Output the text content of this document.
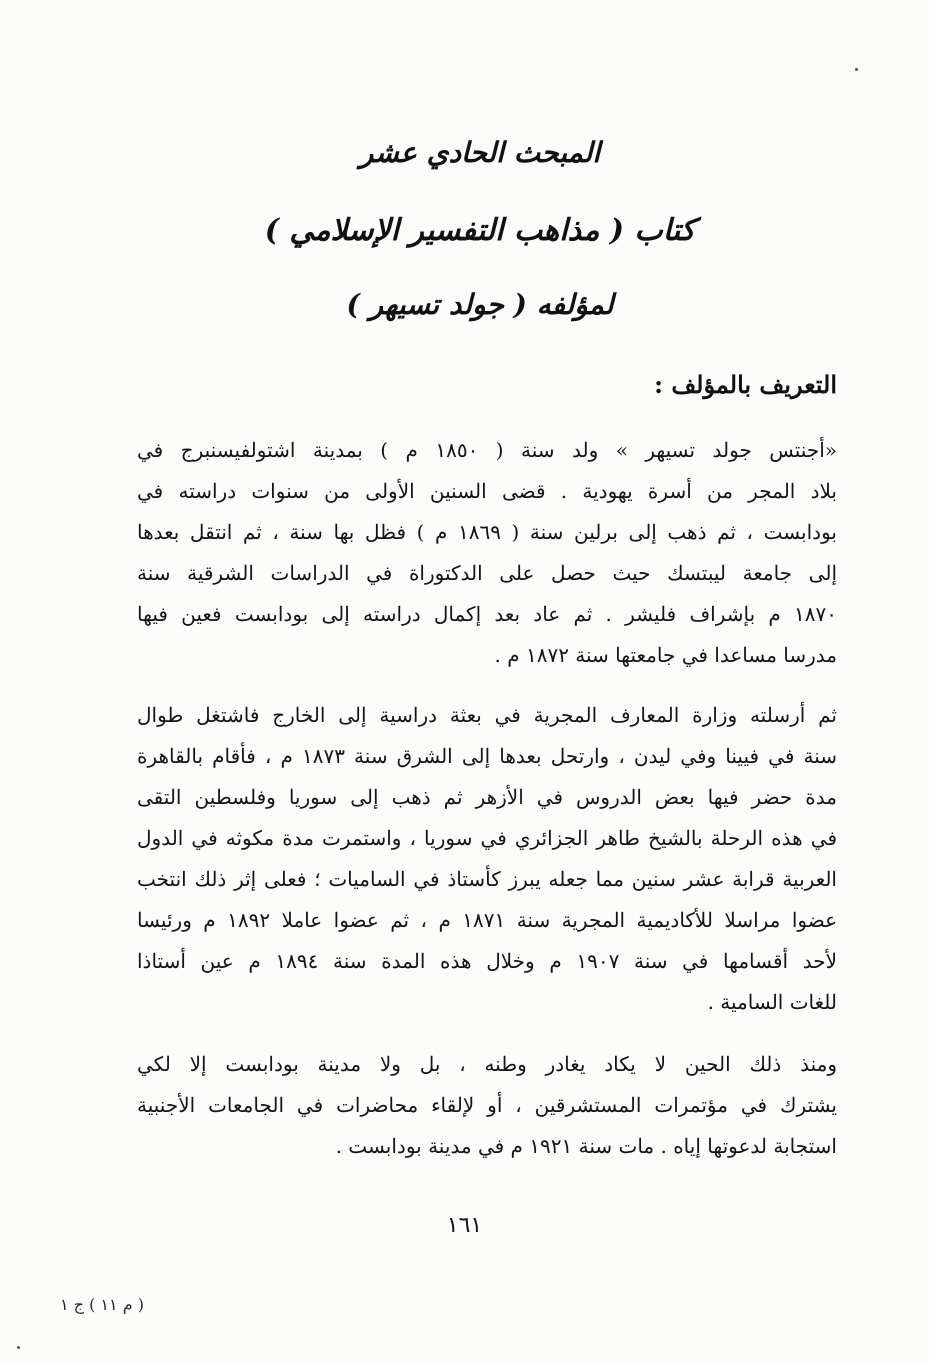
المبحث الحادي عشر
كتاب ( مذاهب التفسير الإسلامي )
لمؤلفه ( جولد تسيهر )
التعريف بالمؤلف :
«أجنتس جولد تسيهر » ولد سنة ( ١٨٥٠ م ) بمدينة اشتولفيسنبرج في
بلاد المجر من أسرة يهودية . قضى السنين الأولى من سنوات دراسته في
بودابست ، ثم ذهب إلى برلين سنة ( ١٨٦٩ م ) فظل بها سنة ، ثم انتقل بعدها
إلى جامعة ليبتسك حيث حصل على الدكتوراة في الدراسات الشرقية سنة
١٨٧٠ م بإشراف فليشر . ثم عاد بعد إكمال دراسته إلى بودابست فعين فيها
مدرسا مساعدا في جامعتها سنة ١٨٧٢ م .
ثم أرسلته وزارة المعارف المجرية في بعثة دراسية إلى الخارج فاشتغل طوال
سنة في فيينا وفي ليدن ، وارتحل بعدها إلى الشرق سنة ١٨٧٣ م ، فأقام بالقاهرة
مدة حضر فيها بعض الدروس في الأزهر ثم ذهب إلى سوريا وفلسطين التقى
في هذه الرحلة بالشيخ طاهر الجزائري في سوريا ، واستمرت مدة مكوثه في الدول
العربية قرابة عشر سنين مما جعله يبرز كأستاذ في الساميات ؛ فعلى إثر ذلك انتخب
عضوا مراسلا للأكاديمية المجرية سنة ١٨٧١ م ، ثم عضوا عاملا ١٨٩٢ م ورئيسا
لأحد أقسامها في سنة ١٩٠٧ م وخلال هذه المدة سنة ١٨٩٤ م عين أستاذا
للغات السامية .
ومنذ ذلك الحين لا يكاد يغادر وطنه ، بل ولا مدينة بودابست إلا لكي
يشترك في مؤتمرات المستشرقين ، أو لإلقاء محاضرات في الجامعات الأجنبية
استجابة لدعوتها إياه . مات سنة ١٩٢١ م في مدينة بودابست .
١٦١
( م ١١ ) ج ١
